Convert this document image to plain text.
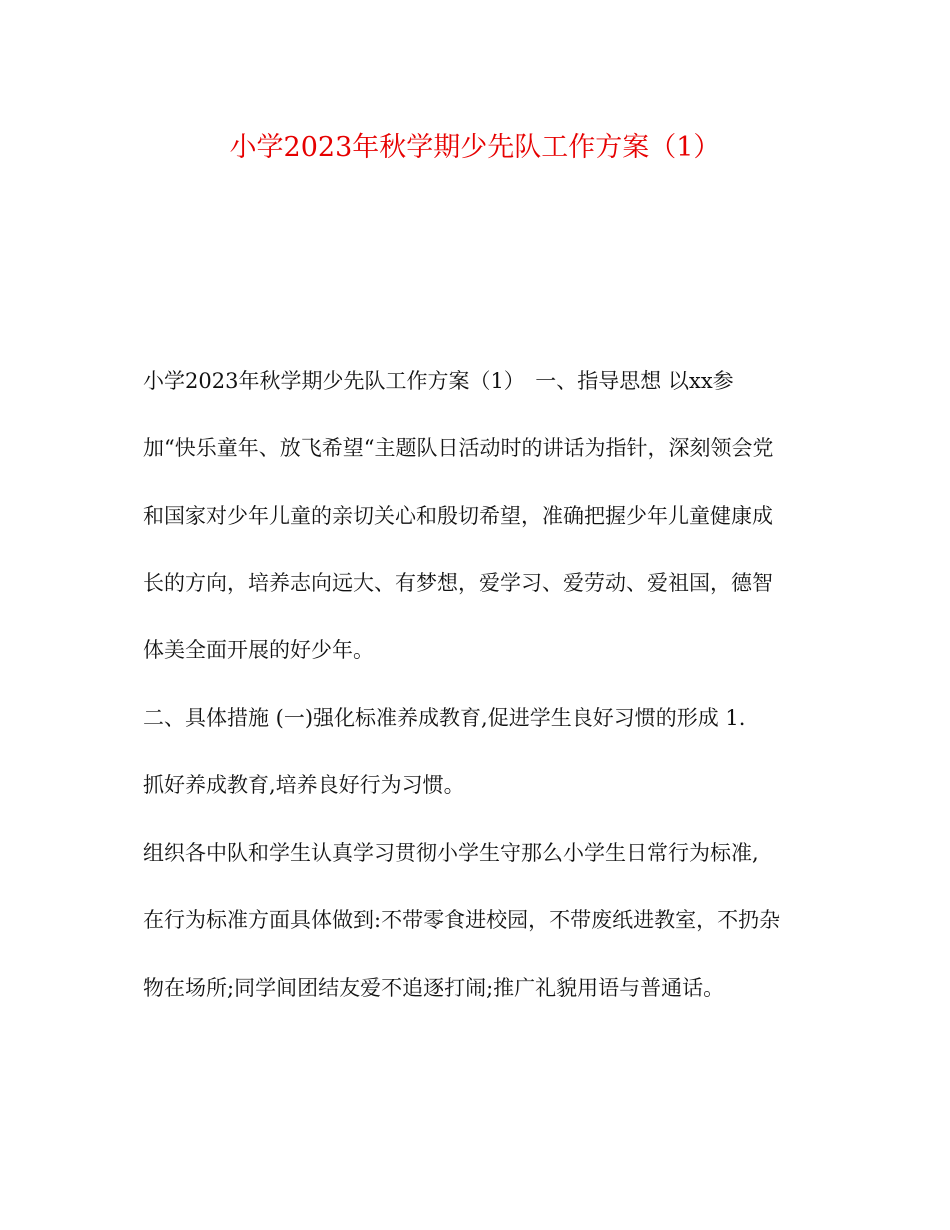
小学2023年秋学期少先队工作方案（1）
小学2023年秋学期少先队工作方案（1）　一、指导思想 以xx参
加“快乐童年、放飞希望“主题队日活动时的讲话为指针，深刻领会党
和国家对少年儿童的亲切关心和殷切希望，准确把握少年儿童健康成
长的方向，培养志向远大、有梦想，爱学习、爱劳动、爱祖国，德智
体美全面开展的好少年。
二、具体措施 (一)强化标准养成教育,促进学生良好习惯的形成 1.
抓好养成教育,培养良好行为习惯。
组织各中队和学生认真学习贯彻小学生守那么小学生日常行为标准,
在行为标准方面具体做到:不带零食进校园，不带废纸进教室，不扔杂
物在场所;同学间团结友爱不追逐打闹;推广礼貌用语与普通话。
